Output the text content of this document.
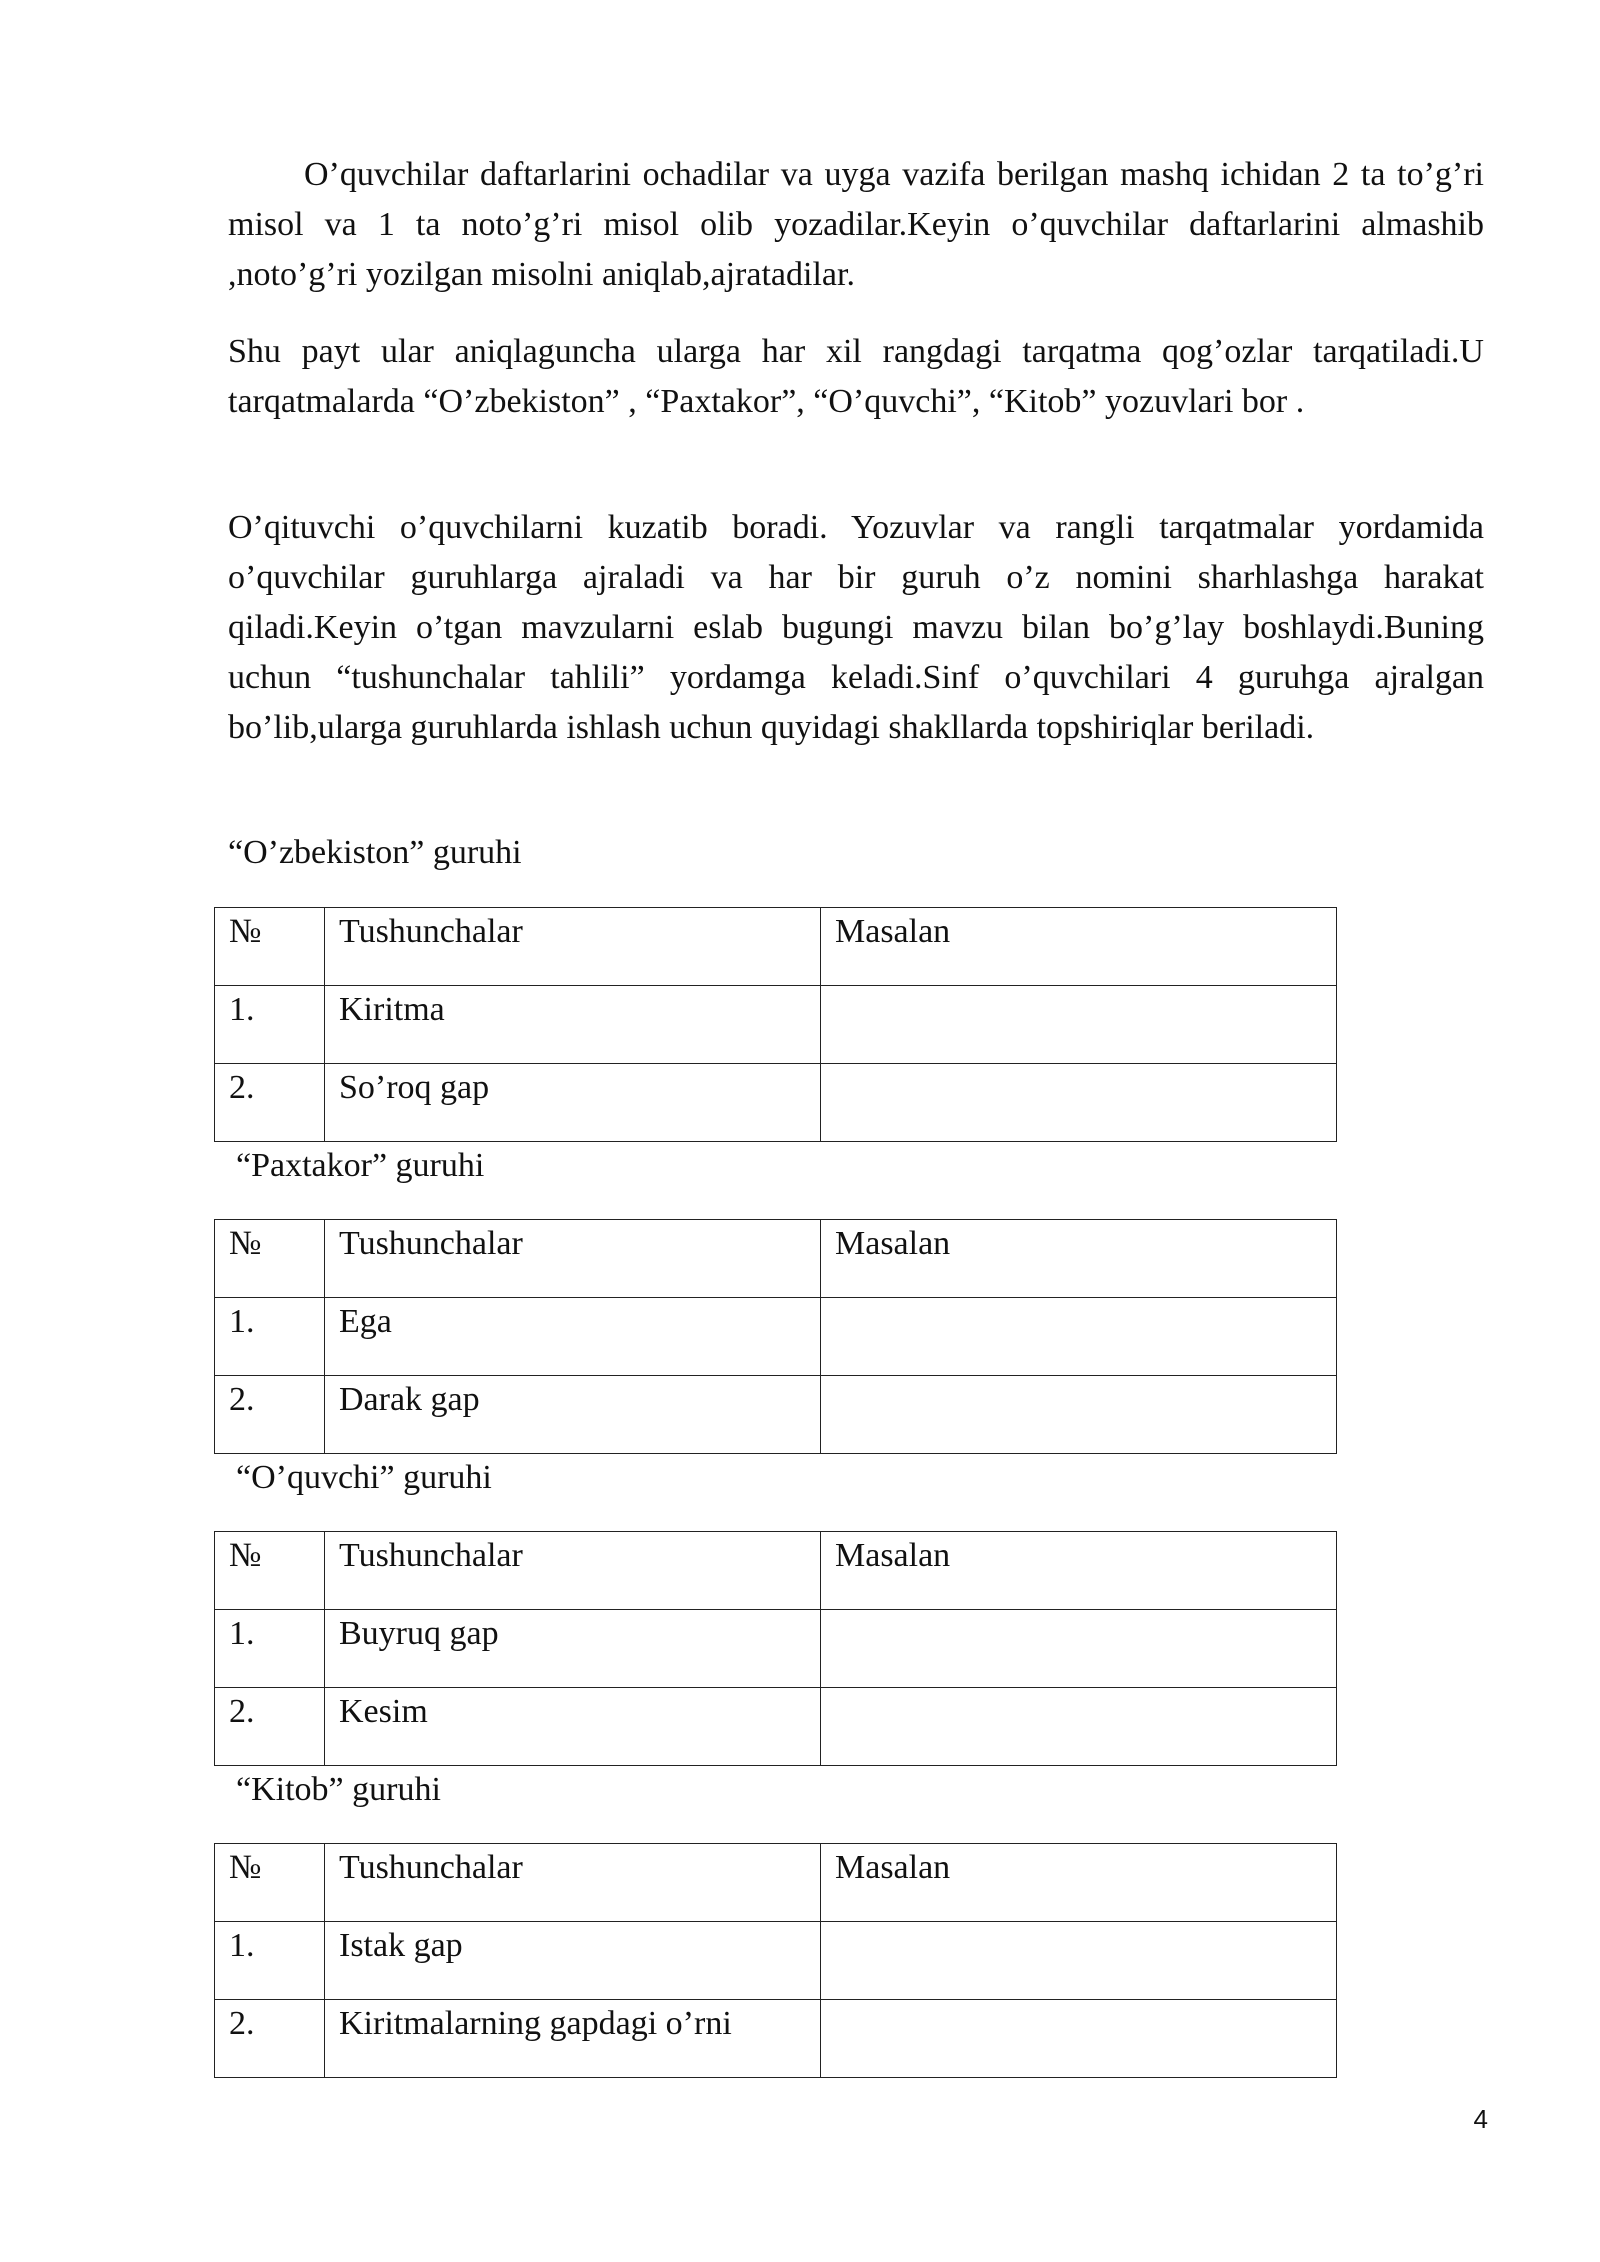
O’quvchilar daftarlarini ochadilar va uyga vazifa berilgan mashq ichidan 2 ta to’g’ri misol va 1 ta noto’g’ri misol olib yozadilar.Keyin o’quvchilar daftarlarini almashib ,noto’g’ri yozilgan misolni aniqlab,ajratadilar.

Shu payt ular aniqlaguncha ularga har xil rangdagi tarqatma qog’ozlar tarqatiladi.U tarqatmalarda “O’zbekiston” , “Paxtakor”, “O’quvchi”, “Kitob” yozuvlari bor .

O’qituvchi o’quvchilarni kuzatib boradi. Yozuvlar va rangli tarqatmalar yordamida o’quvchilar guruhlarga ajraladi va har bir guruh o’z nomini sharhlashga harakat qiladi.Keyin o’tgan mavzularni eslab bugungi mavzu bilan bo’g’lay boshlaydi.Buning uchun “tushunchalar tahlili” yordamga keladi.Sinf o’quvchilari 4 guruhga ajralgan bo’lib,ularga guruhlarda ishlash uchun quyidagi shakllarda topshiriqlar beriladi.

“O’zbekiston” guruhi

№	Tushunchalar	Masalan
1.	Kiritma	
2.	So’roq gap	

“Paxtakor” guruhi

№	Tushunchalar	Masalan
1.	Ega	
2.	Darak gap	

“O’quvchi” guruhi

№	Tushunchalar	Masalan
1.	Buyruq gap	
2.	Kesim	

“Kitob” guruhi

№	Tushunchalar	Masalan
1.	Istak gap	
2.	Kiritmalarning gapdagi o’rni	
4
